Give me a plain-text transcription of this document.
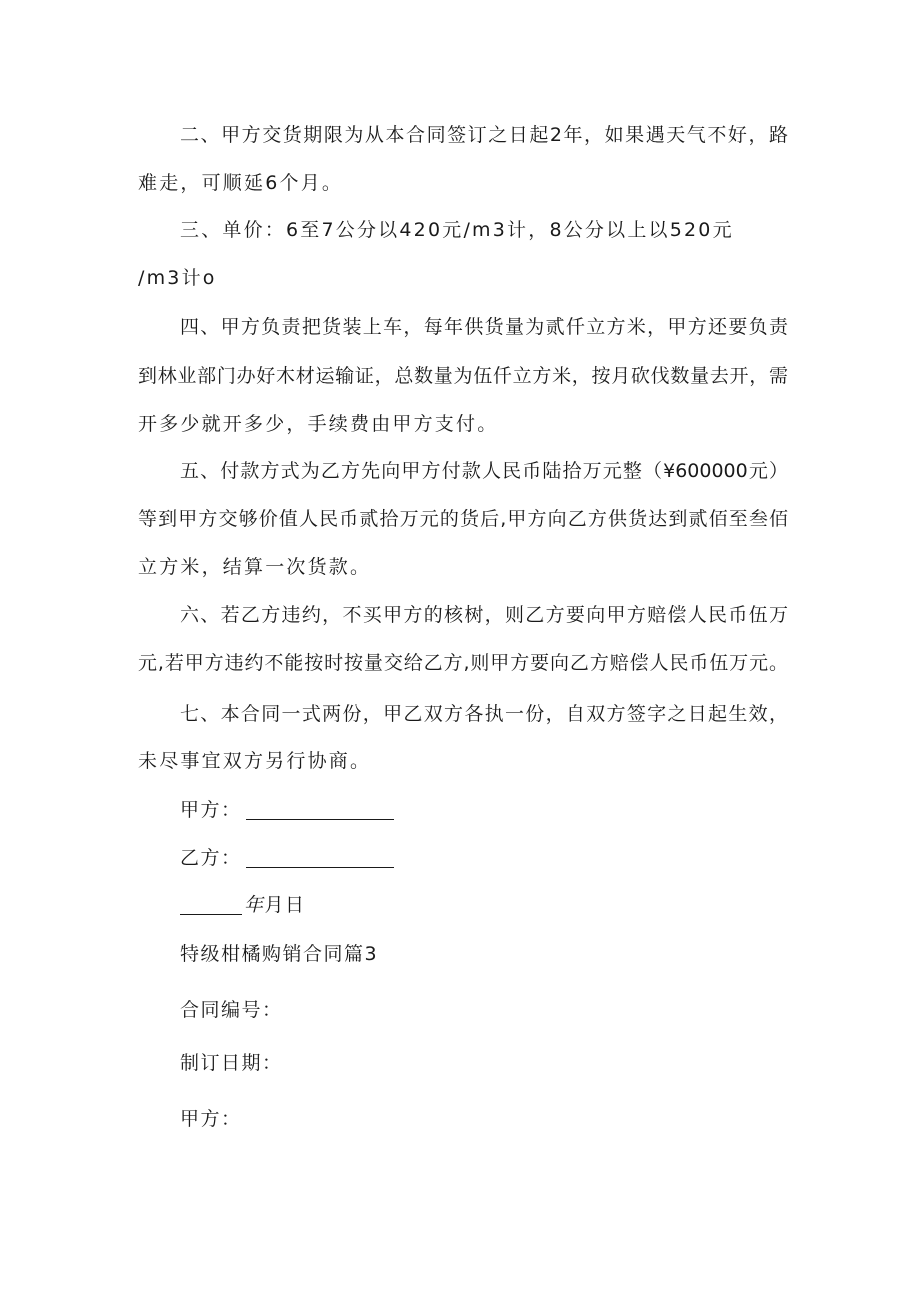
二、甲方交货期限为从本合同签订之日起2年，如果遇天气不好，路
难走，可顺延6个月。
三、单价：6至7公分以420元/m3计，8公分以上以520元
/m3计o
四、甲方负责把货装上车，每年供货量为贰仟立方米，甲方还要负责
到林业部门办好木材运输证，总数量为伍仟立方米，按月砍伐数量去开，需
开多少就开多少，手续费由甲方支付。
五、付款方式为乙方先向甲方付款人民币陆拾万元整（¥600000元）
等到甲方交够价值人民币贰拾万元的货后,甲方向乙方供货达到贰佰至叁佰
立方米，结算一次货款。
六、若乙方违约，不买甲方的核树，则乙方要向甲方赔偿人民币伍万
元,若甲方违约不能按时按量交给乙方,则甲方要向乙方赔偿人民币伍万元。
七、本合同一式两份，甲乙双方各执一份，自双方签字之日起生效，
未尽事宜双方另行协商。
甲方：
乙方：
年月日
特级柑橘购销合同篇3
合同编号：
制订日期：
甲方：
